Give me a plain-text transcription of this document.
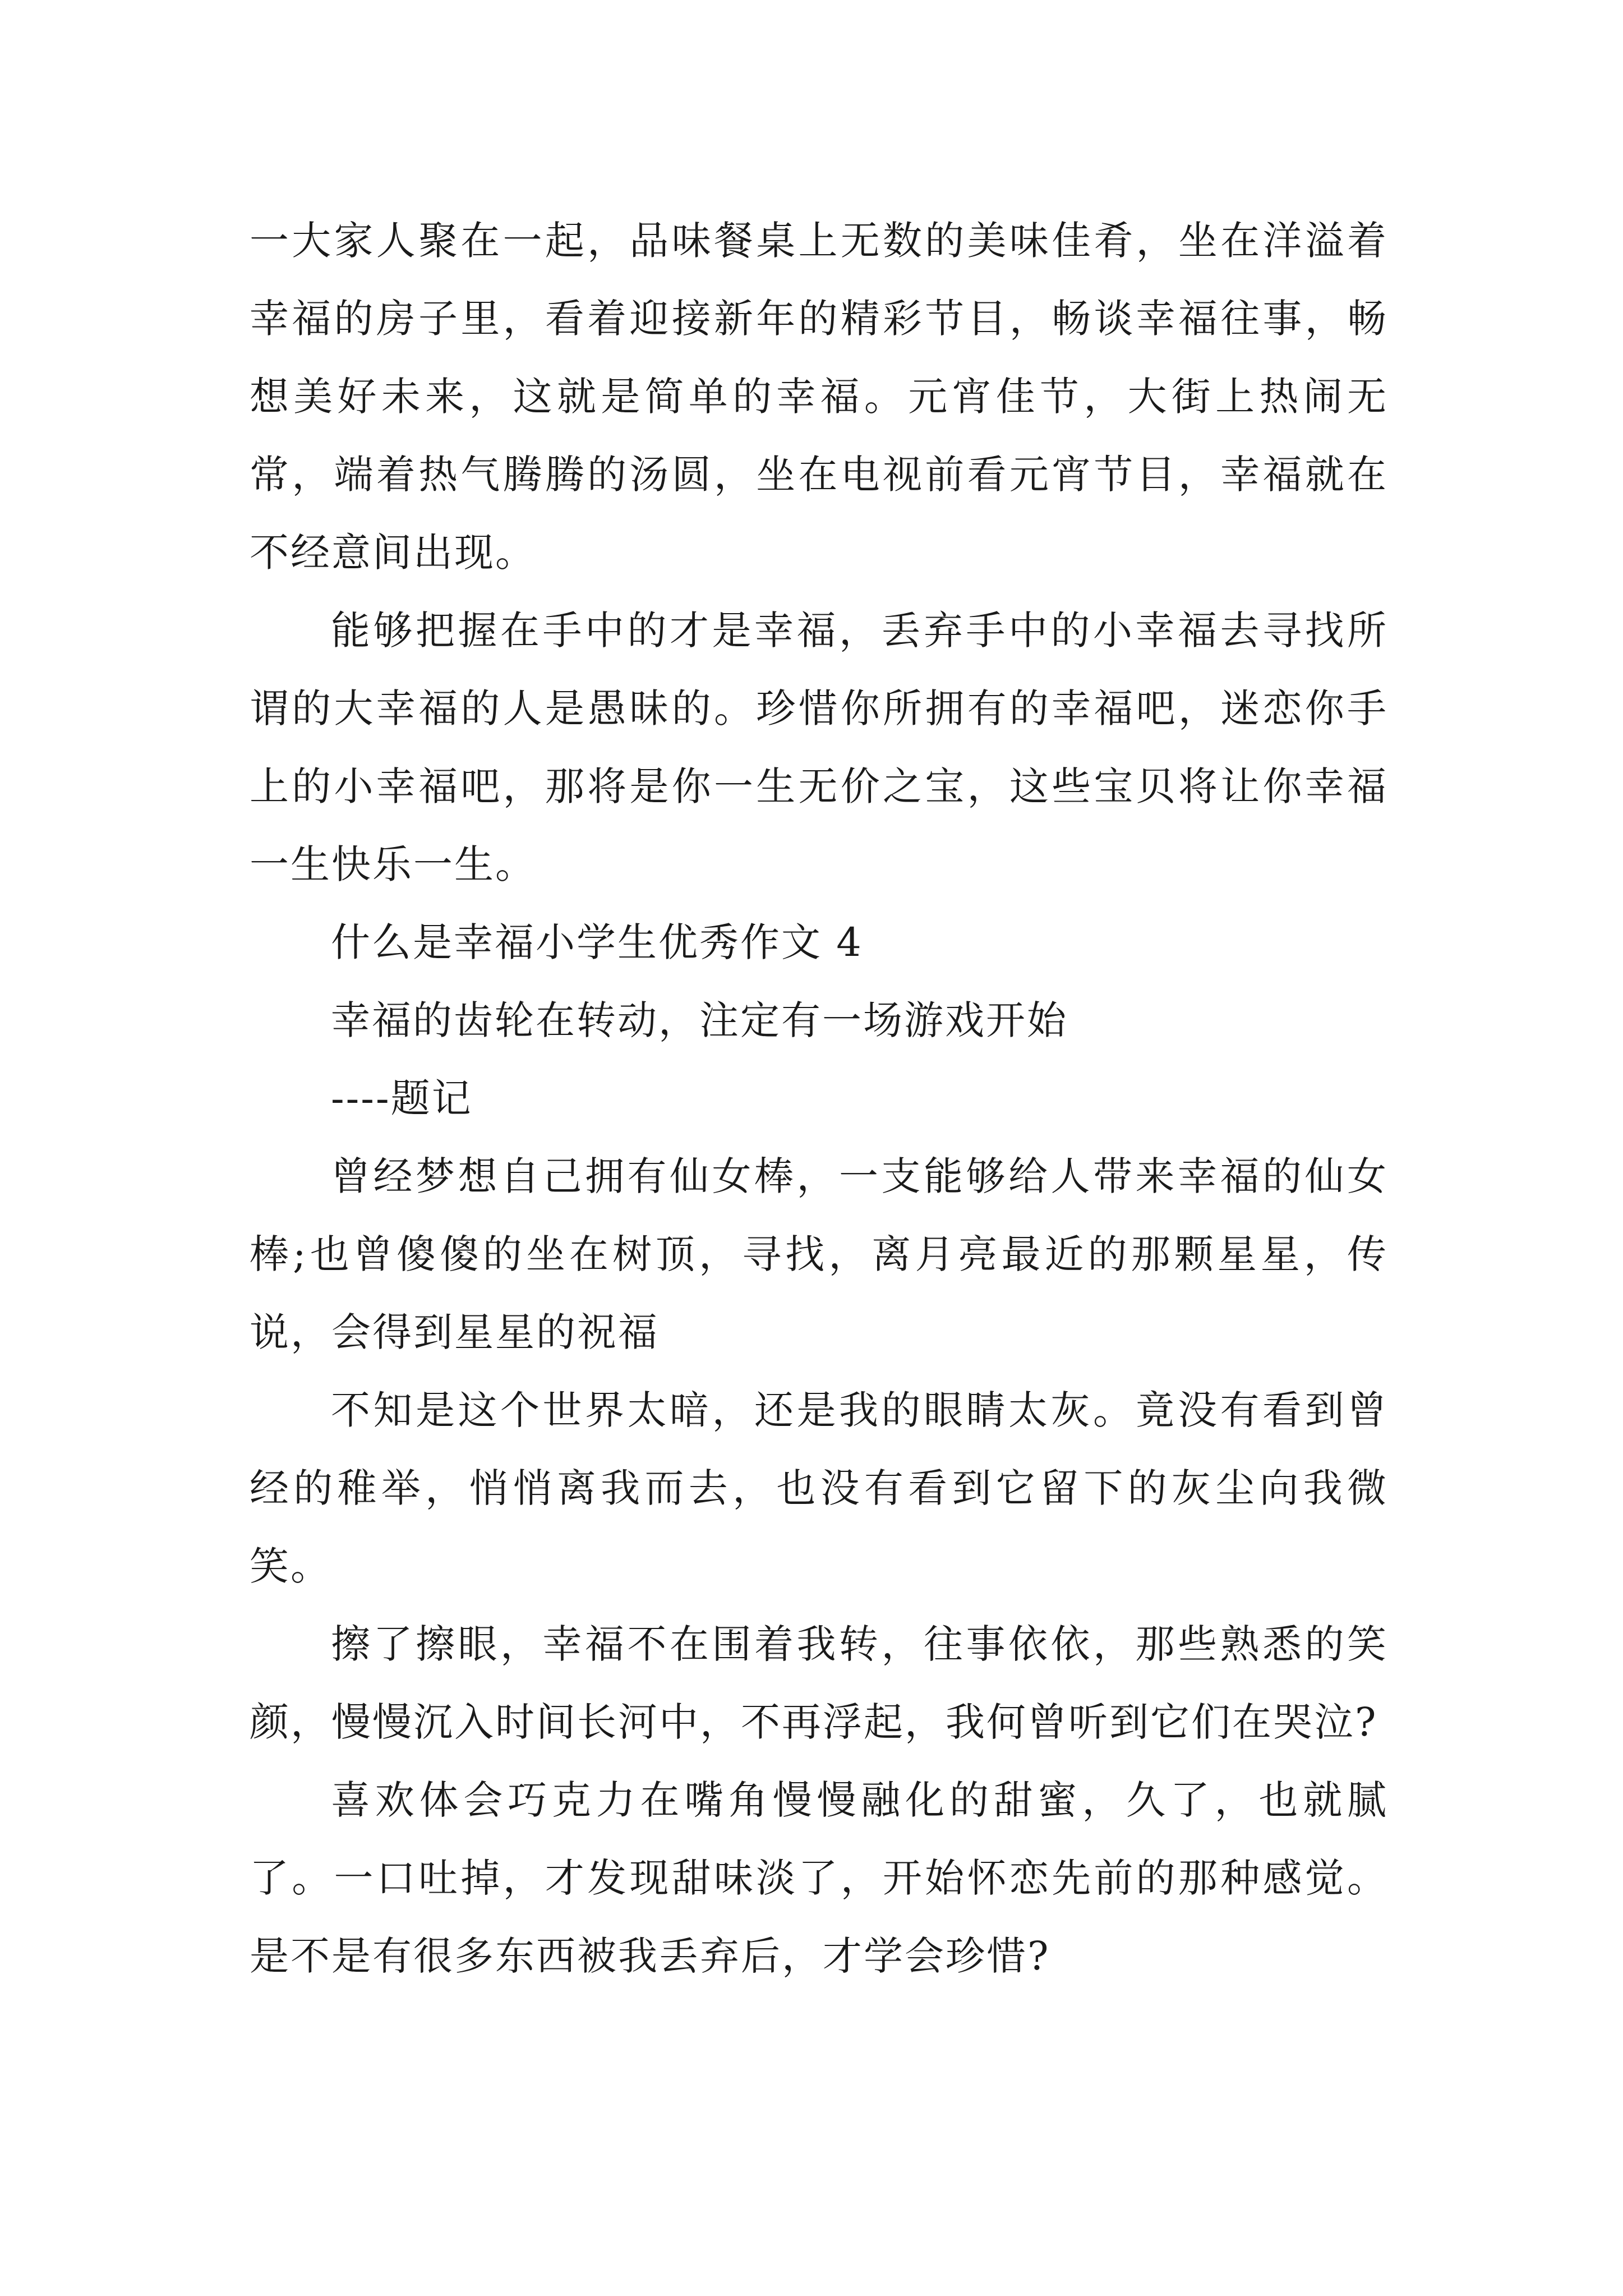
一大家人聚在一起，品味餐桌上无数的美味佳肴，坐在洋溢着幸福的房子里，看着迎接新年的精彩节目，畅谈幸福往事，畅想美好未来，这就是简单的幸福。元宵佳节，大街上热闹无常，端着热气腾腾的汤圆，坐在电视前看元宵节目，幸福就在不经意间出现。

能够把握在手中的才是幸福，丢弃手中的小幸福去寻找所谓的大幸福的人是愚昧的。珍惜你所拥有的幸福吧，迷恋你手上的小幸福吧，那将是你一生无价之宝，这些宝贝将让你幸福一生快乐一生。

什么是幸福小学生优秀作文 4

幸福的齿轮在转动，注定有一场游戏开始

----题记

曾经梦想自己拥有仙女棒，一支能够给人带来幸福的仙女棒;也曾傻傻的坐在树顶，寻找，离月亮最近的那颗星星，传说，会得到星星的祝福

不知是这个世界太暗，还是我的眼睛太灰。竟没有看到曾经的稚举，悄悄离我而去，也没有看到它留下的灰尘向我微笑。

擦了擦眼，幸福不在围着我转，往事依依，那些熟悉的笑颜，慢慢沉入时间长河中，不再浮起，我何曾听到它们在哭泣?

喜欢体会巧克力在嘴角慢慢融化的甜蜜，久了，也就腻了。一口吐掉，才发现甜味淡了，开始怀恋先前的那种感觉。是不是有很多东西被我丢弃后，才学会珍惜?
